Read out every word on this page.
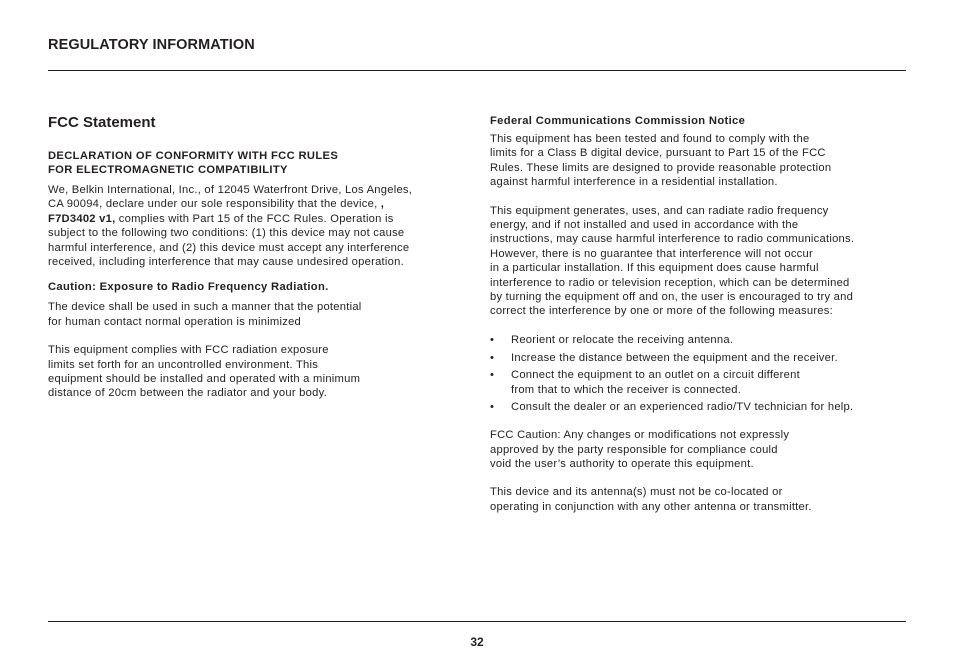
REGULATORY INFORMATION
FCC Statement
DECLARATION OF CONFORMITY WITH FCC RULES
FOR ELECTROMAGNETIC COMPATIBILITY
We, Belkin International, Inc., of 12045 Waterfront Drive, Los Angeles,
CA 90094, declare under our sole responsibility that the device, ,
F7D3402 v1, complies with Part 15 of the FCC Rules. Operation is
subject to the following two conditions: (1) this device may not cause
harmful interference, and (2) this device must accept any interference
received, including interference that may cause undesired operation.
Caution: Exposure to Radio Frequency Radiation.
The device shall be used in such a manner that the potential
for human contact normal operation is minimized
This equipment complies with FCC radiation exposure
limits set forth for an uncontrolled environment. This
equipment should be installed and operated with a minimum
distance of 20cm between the radiator and your body.
Federal Communications Commission Notice
This equipment has been tested and found to comply with the
limits for a Class B digital device, pursuant to Part 15 of the FCC
Rules. These limits are designed to provide reasonable protection
against harmful interference in a residential installation.
This equipment generates, uses, and can radiate radio frequency
energy, and if not installed and used in accordance with the
instructions, may cause harmful interference to radio communications.
However, there is no guarantee that interference will not occur
in a particular installation. If this equipment does cause harmful
interference to radio or television reception, which can be determined
by turning the equipment off and on, the user is encouraged to try and
correct the interference by one or more of the following measures:
• Reorient or relocate the receiving antenna.
• Increase the distance between the equipment and the receiver.
• Connect the equipment to an outlet on a circuit different
from that to which the receiver is connected.
• Consult the dealer or an experienced radio/TV technician for help.
FCC Caution: Any changes or modifications not expressly
approved by the party responsible for compliance could
void the user’s authority to operate this equipment.
This device and its antenna(s) must not be co-located or
operating in conjunction with any other antenna or transmitter.
32
